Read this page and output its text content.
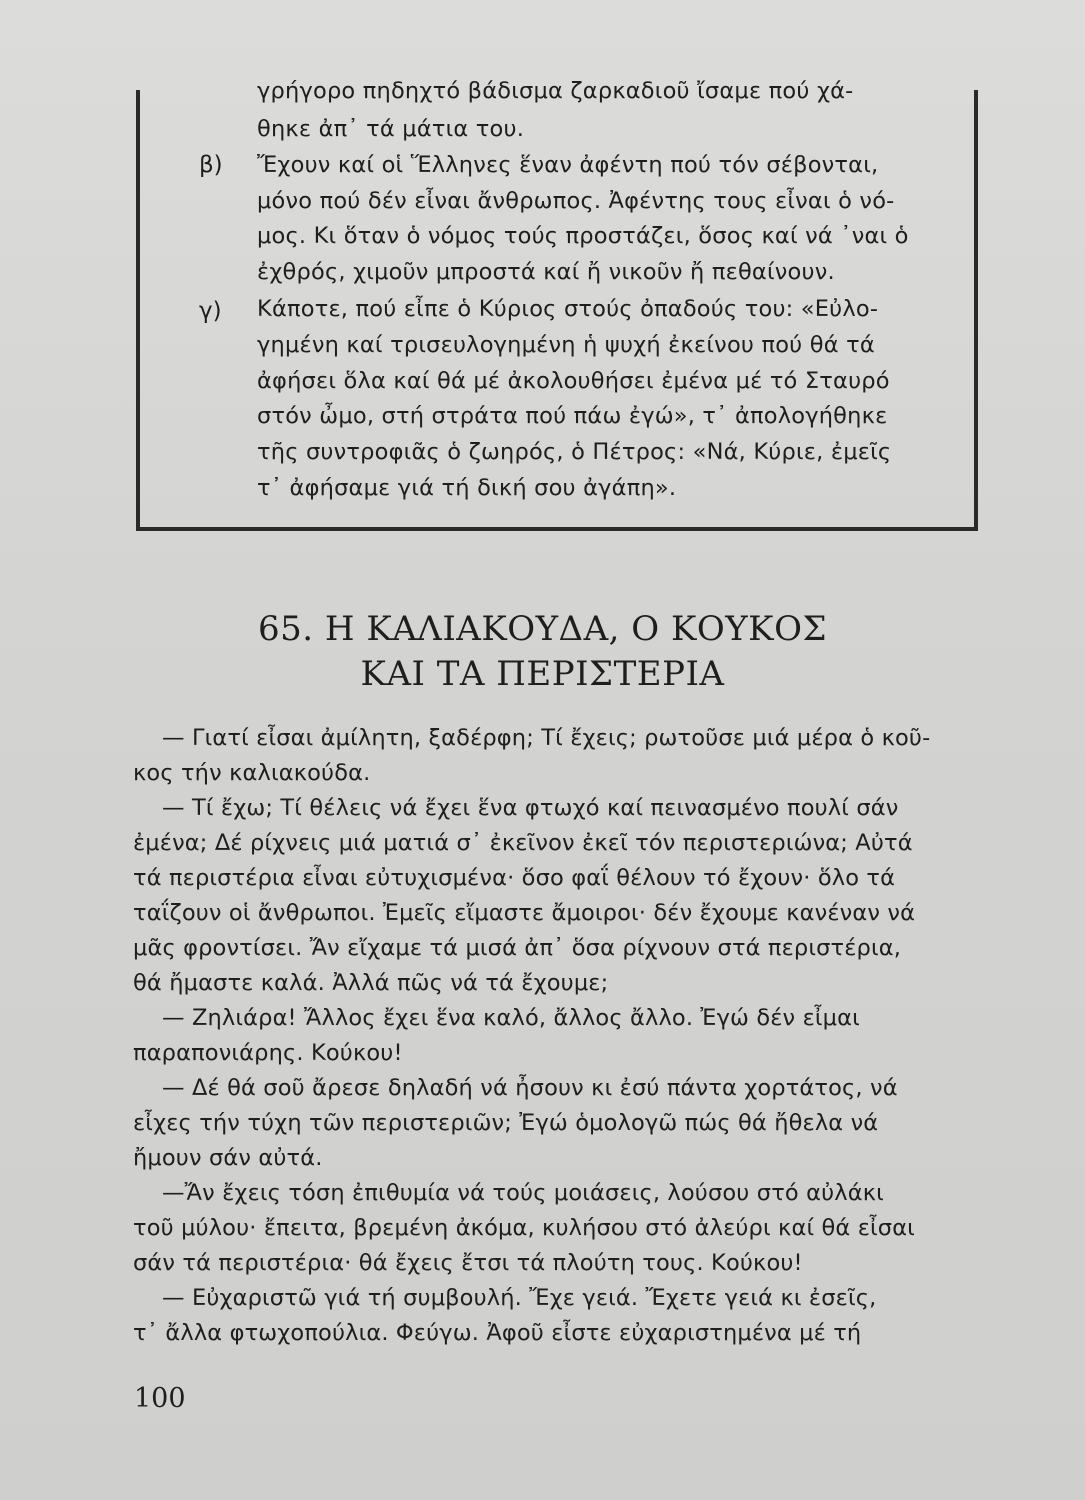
γρήγορο πηδηχτό βάδισμα ζαρκαδιοῦ ἴσαμε πού χά-
θηκε ἀπ᾽ τά μάτια του.
β) Ἔχουν καί οἱ Ἕλληνες ἕναν ἀφέντη πού τόν σέβονται,
μόνο πού δέν εἶναι ἄνθρωπος. Ἀφέντης τους εἶναι ὁ νό-
μος. Κι ὅταν ὁ νόμος τούς προστάζει, ὅσος καί νά ᾽ναι ὁ
ἐχθρός, χιμοῦν μπροστά καί ἤ νικοῦν ἤ πεθαίνουν.
γ) Κάποτε, πού εἶπε ὁ Κύριος στούς ὀπαδούς του: «Εὐλο-
γημένη καί τρισευλογημένη ἡ ψυχή ἐκείνου πού θά τά
ἀφήσει ὅλα καί θά μέ ἀκολουθήσει ἐμένα μέ τό Σταυρό
στόν ὦμο, στή στράτα πού πάω ἐγώ», τ᾽ ἀπολογήθηκε
τῆς συντροφιᾶς ὁ ζωηρός, ὁ Πέτρος: «Νά, Κύριε, ἐμεῖς
τ᾽ ἀφήσαμε γιά τή δική σου ἀγάπη».
65. Η ΚΑΛΙΑΚΟΥΔΑ, Ο ΚΟΥΚΟΣ
ΚΑΙ ΤΑ ΠΕΡΙΣΤΕΡΙΑ
— Γιατί εἶσαι ἀμίλητη, ξαδέρφη; Τί ἔχεις; ρωτοῦσε μιά μέρα ὁ κοῦ-
κος τήν καλιακούδα.
— Τί ἔχω; Τί θέλεις νά ἔχει ἕνα φτωχό καί πεινασμένο πουλί σάν
ἐμένα; Δέ ρίχνεις μιά ματιά σ᾽ ἐκεῖνον ἐκεῖ τόν περιστεριώνα; Αὐτά
τά περιστέρια εἶναι εὐτυχισμένα· ὅσο φαΐ θέλουν τό ἔχουν· ὅλο τά
ταΐζουν οἱ ἄνθρωποι. Ἐμεῖς εἴμαστε ἄμοιροι· δέν ἔχουμε κανέναν νά
μᾶς φροντίσει. Ἄν εἴχαμε τά μισά ἀπ᾽ ὅσα ρίχνουν στά περιστέρια,
θά ἤμαστε καλά. Ἀλλά πῶς νά τά ἔχουμε;
— Ζηλιάρα! Ἄλλος ἔχει ἕνα καλό, ἄλλος ἄλλο. Ἐγώ δέν εἶμαι
παραπονιάρης. Κούκου!
— Δέ θά σοῦ ἄρεσε δηλαδή νά ἦσουν κι ἐσύ πάντα χορτάτος, νά
εἶχες τήν τύχη τῶν περιστεριῶν; Ἐγώ ὁμολογῶ πώς θά ἤθελα νά
ἤμουν σάν αὐτά.
—Ἄν ἔχεις τόση ἐπιθυμία νά τούς μοιάσεις, λούσου στό αὐλάκι
τοῦ μύλου· ἔπειτα, βρεμένη ἀκόμα, κυλήσου στό ἀλεύρι καί θά εἶσαι
σάν τά περιστέρια· θά ἔχεις ἔτσι τά πλούτη τους. Κούκου!
— Εὐχαριστῶ γιά τή συμβουλή. Ἔχε γειά. Ἔχετε γειά κι ἐσεῖς,
τ᾽ ἄλλα φτωχοπούλια. Φεύγω. Ἀφοῦ εἶστε εὐχαριστημένα μέ τή
100
